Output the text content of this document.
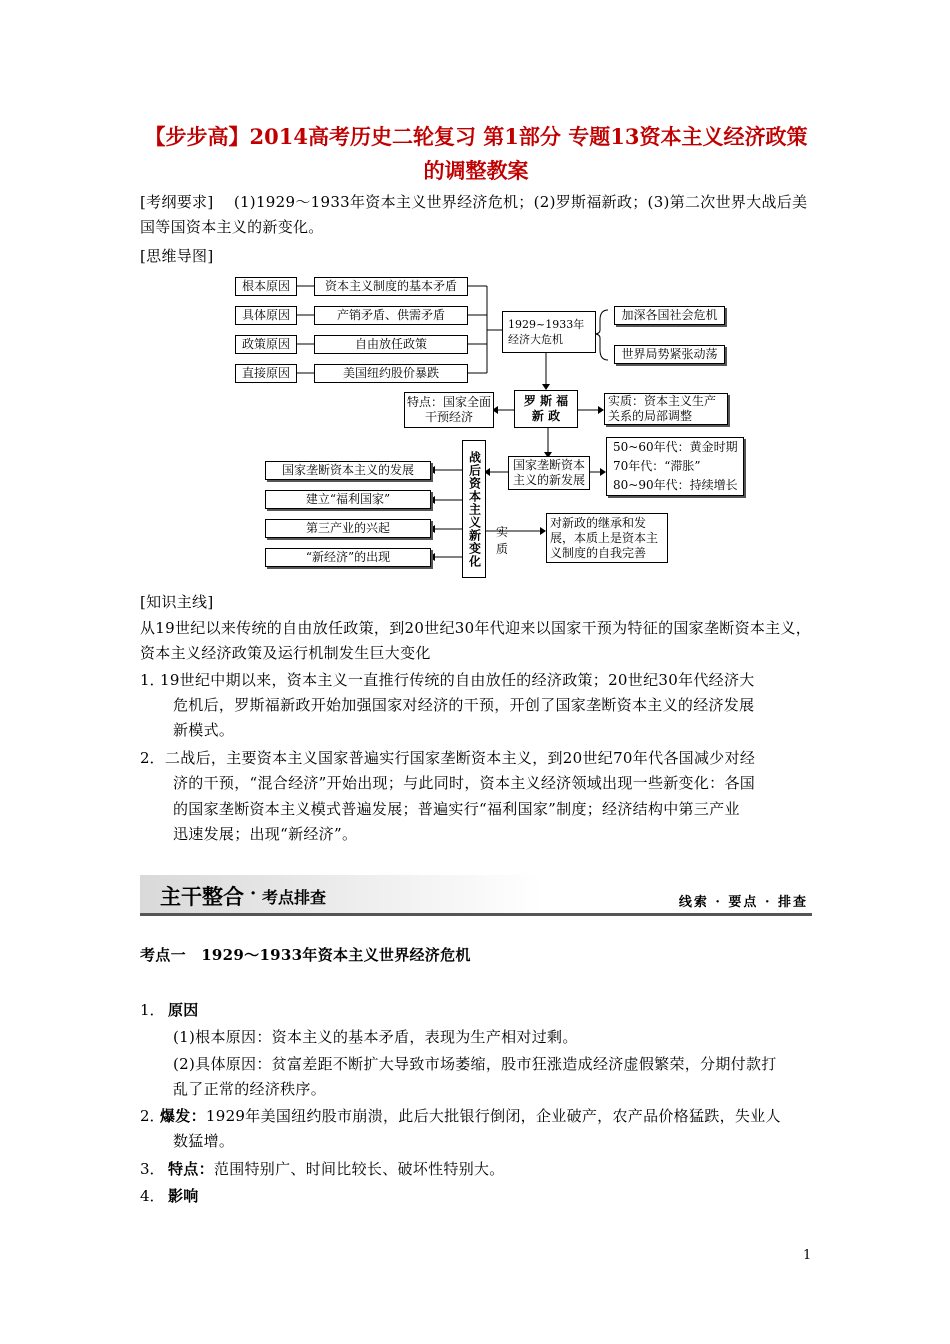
【步步高】2014高考历史二轮复习 第1部分 专题13资本主义经济政策的调整教案
[考纲要求] (1)1929～1933年资本主义世界经济危机；(2)罗斯福新政；(3)第二次世界大战后美国等国资本主义的新变化。
[思维导图]
根本原因
具体原因
政策原因
直接原因
资本主义制度的基本矛盾
产销矛盾、供需矛盾
自由放任政策
美国纽约股价暴跌
1929~1933年经济大危机
加深各国社会危机
世界局势紧张动荡
罗 斯 福 新 政
特点：国家全面干预经济
实质：资本主义生产关系的局部调整
国家垄断资本主义的新发展
50~60年代：黄金时期
70年代：“滞胀”
80~90年代：持续增长
战后资本主义新变化
国家垄断资本主义的发展
建立“福利国家”
第三产业的兴起
“新经济”的出现
实质
对新政的继承和发展，本质上是资本主义制度的自我完善
[知识主线]
从19世纪以来传统的自由放任政策，到20世纪30年代迎来以国家干预为特征的国家垄断资本主义，资本主义经济政策及运行机制发生巨大变化
1．
19世纪中期以来，资本主义一直推行传统的自由放任的经济政策；20世纪30年代经济大
危机后，罗斯福新政开始加强国家对经济的干预，开创了国家垄断资本主义的经济发展
新模式。
2． 二战后，主要资本主义国家普遍实行国家垄断资本主义，到20世纪70年代各国减少对经
济的干预，“混合经济”开始出现；与此同时，资本主义经济领域出现一些新变化：各国
的国家垄断资本主义模式普遍发展；普遍实行“福利国家”制度；经济结构中第三产业
迅速发展；出现“新经济”。
主干整合 · 考点排查	线索 · 要点 · 排查
考点一　1929～1933年资本主义世界经济危机
1． 原因
(1)根本原因：资本主义的基本矛盾，表现为生产相对过剩。
(2)具体原因：贫富差距不断扩大导致市场萎缩，股市狂涨造成经济虚假繁荣，分期付款打
乱了正常的经济秩序。
2．
爆发：1929年美国纽约股市崩溃，此后大批银行倒闭，企业破产，农产品价格猛跌，失业人
数猛增。
3． 特点：范围特别广、时间比较长、破坏性特别大。
4． 影响
1
